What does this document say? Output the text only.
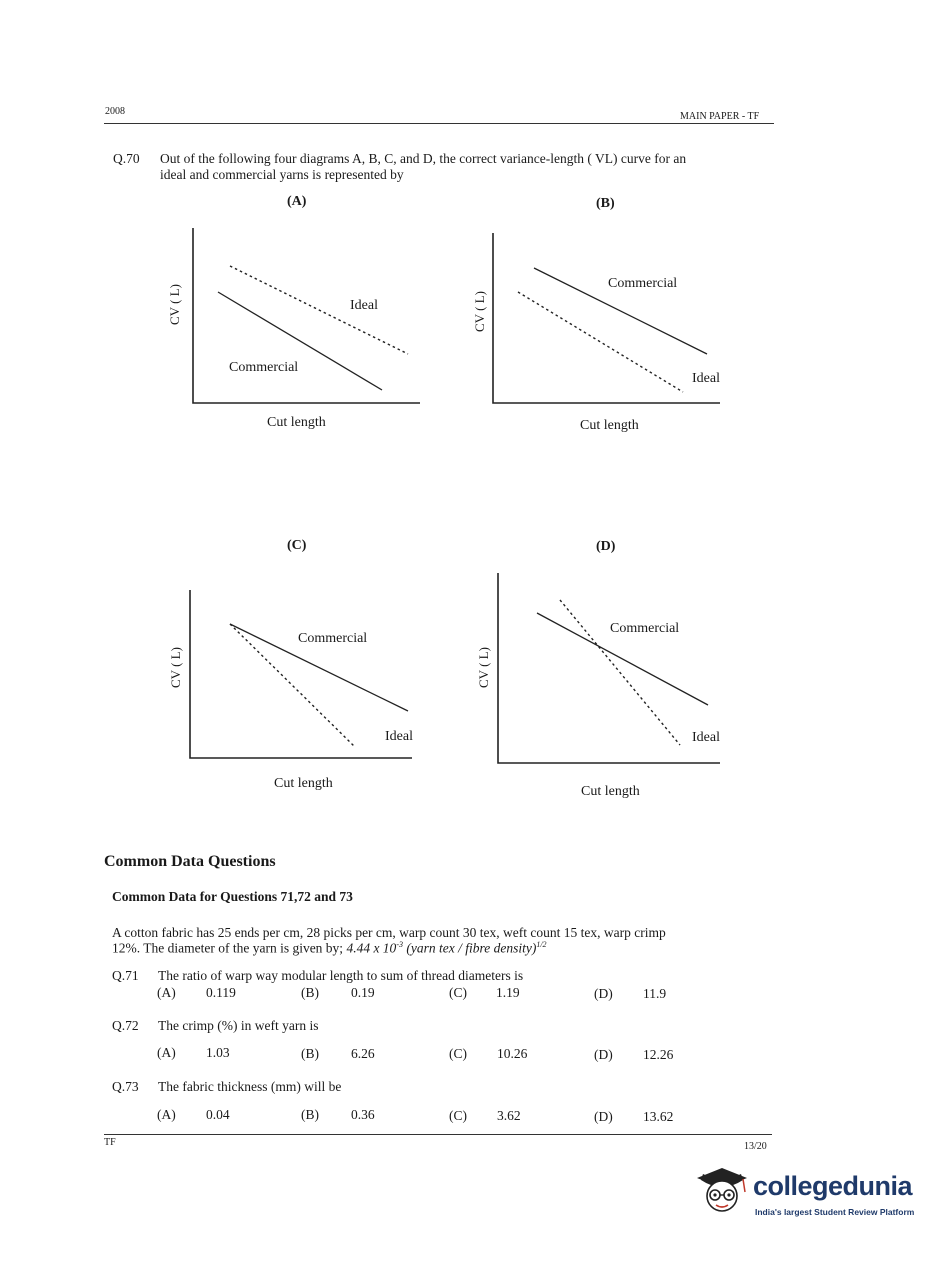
2008	MAIN PAPER - TF
Q.70 Out of the following four diagrams A, B, C, and D, the correct variance-length ( VL) curve for an
ideal and commercial yarns is represented by
(A)
CV ( L)	Ideal
Commercial
Cut length
(B)
CV ( L)
Commercial
Ideal
Cut length
(C)
CV ( L)
Commercial
Ideal
Cut length
(D)
CV ( L)
Commercial
Ideal
Cut length
Common Data Questions
Common Data for Questions 71,72 and 73
A cotton fabric has 25 ends per cm, 28 picks per cm, warp count 30 tex, weft count 15 tex, warp crimp
12%. The diameter of the yarn is given by; 4.44 x $10^{-3}$ (yarn tex / fibre density)$^{1/2}$
Q.71 The ratio of warp way modular length to sum of thread diameters is
(A) 0.119	(B) 0.19	(C) 1.19	(D) 11.9
Q.72 The crimp (%) in weft yarn is
(A) 1.03	(B) 6.26	(C) 10.26	(D) 12.26
Q.73 The fabric thickness (mm) will be
(A) 0.04	(B) 0.36	(C) 3.62	(D) 13.62
TF	13/20
collegedunia
India's largest Student Review Platform
